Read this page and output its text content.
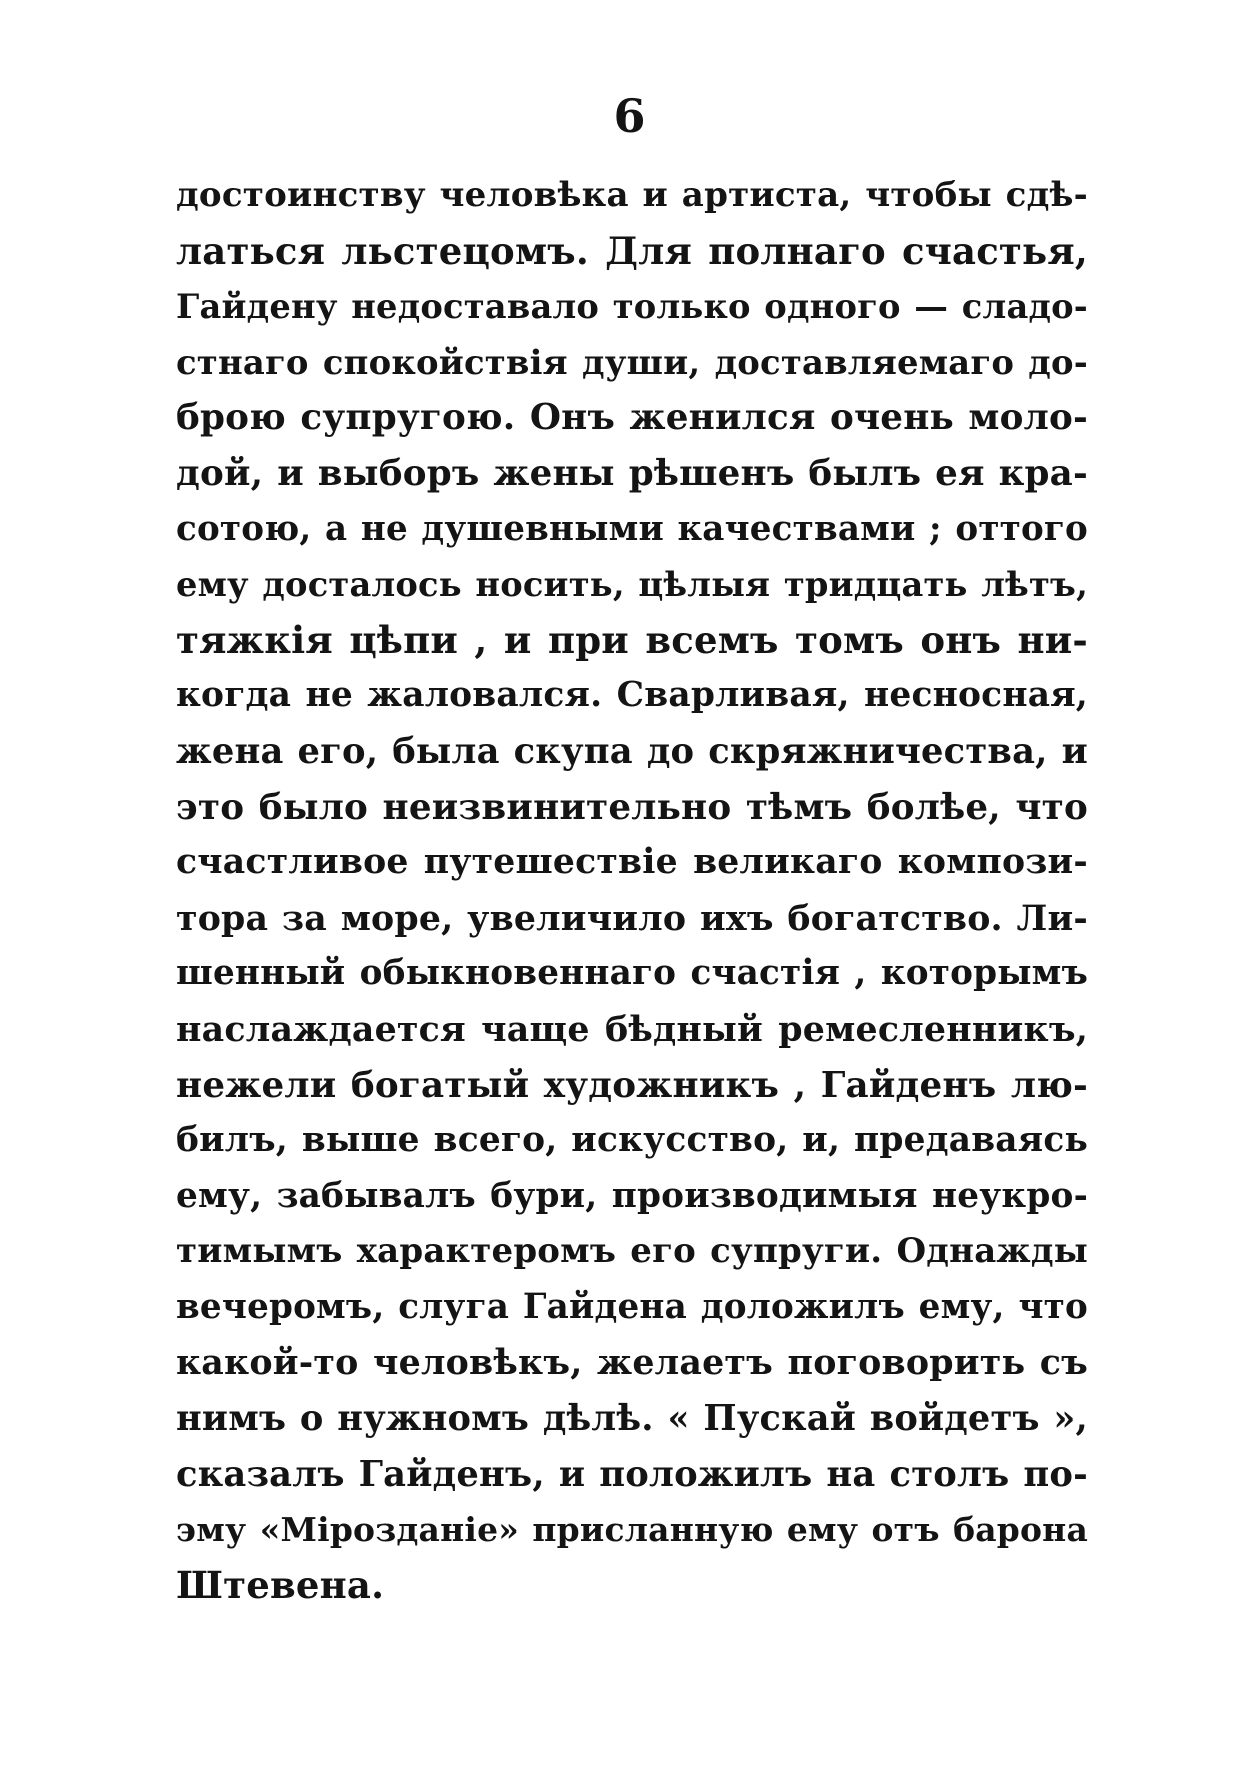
6
достоинству человѣка и артиста, чтобы сдѣ-
латься льстецомъ. Для полнаго счастья,
Гайдену недоставало только одного — сладо-
стнаго спокойствія души, доставляемаго до-
брою супругою. Онъ женился очень моло-
дой, и выборъ жены рѣшенъ былъ ея кра-
сотою, а не душевными качествами ; оттого
ему досталось носить, цѣлыя тридцать лѣтъ,
тяжкія цѣпи , и при всемъ томъ онъ ни-
когда не жаловался. Сварливая, несносная,
жена его, была скупа до скряжничества, и
это было неизвинительно тѣмъ болѣе, что
счастливое путешествіе великаго компози-
тора за море, увеличило ихъ богатство. Ли-
шенный обыкновеннаго счастія , которымъ
наслаждается чаще бѣдный ремесленникъ,
нежели богатый художникъ , Гайденъ лю-
билъ, выше всего, искусство, и, предаваясь
ему, забывалъ бури, производимыя неукро-
тимымъ характеромъ его супруги. Однажды
вечеромъ, слуга Гайдена доложилъ ему, что
какой-то человѣкъ, желаетъ поговорить съ
нимъ о нужномъ дѣлѣ. « Пускай войдетъ »,
сказалъ Гайденъ, и положилъ на столъ по-
эму «Мірозданіе» присланную ему отъ барона
Штевена.
